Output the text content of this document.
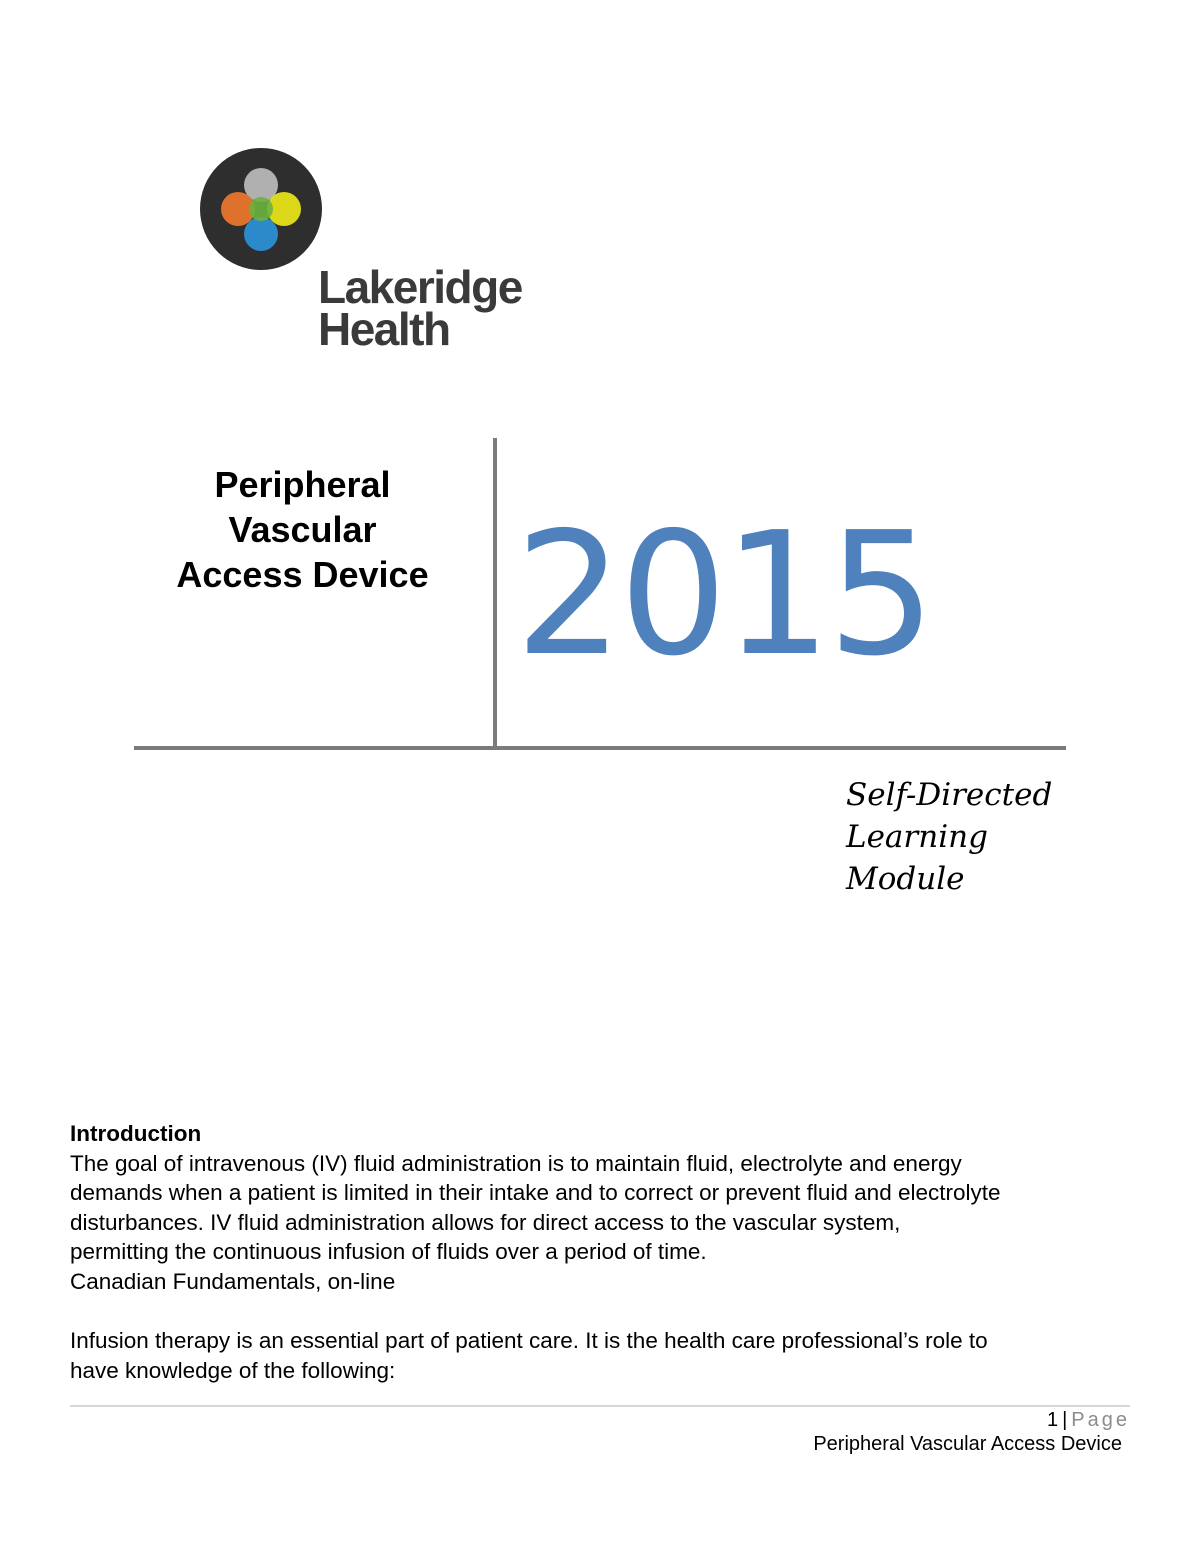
Lakeridge
Health
Peripheral
Vascular
Access Device 2015
Self-Directed
Learning
Module

Introduction

The goal of intravenous (IV) fluid administration is to maintain fluid, electrolyte and energy

demands when a patient is limited in their intake and to correct or prevent fluid and electrolyte

disturbances. IV fluid administration allows for direct access to the vascular system,

permitting the continuous infusion of fluids over a period of time.

Canadian Fundamentals, on-line

Infusion therapy is an essential part of patient care. It is the health care professional’s role to

have knowledge of the following:

1 | Page
Peripheral Vascular Access Device
